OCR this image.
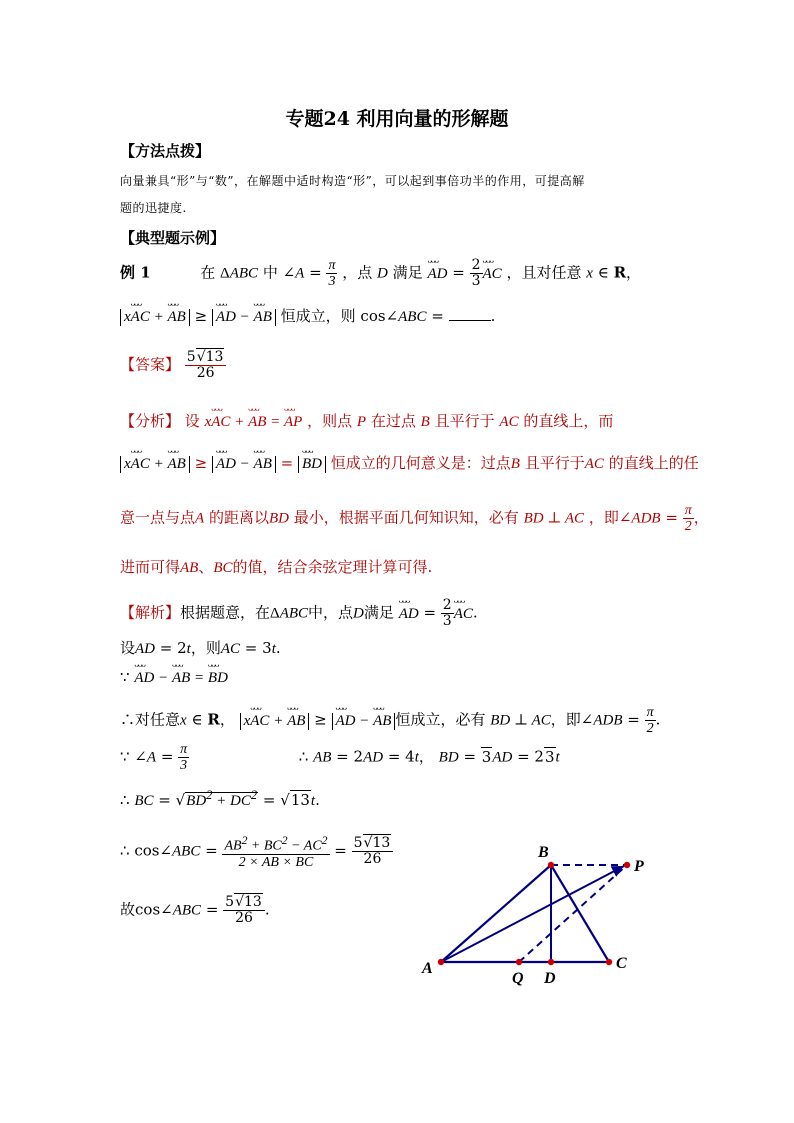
专题24 利用向量的形解题
【方法点拨】
向量兼具“形”与“数”，在解题中适时构造“形”，可以起到事倍功半的作用，可提高解
题的迅捷度.
【典型题示例】
例 1	在 ΔABC 中 ∠A = $\frac{\pi}{3}$ ，点 D 满足 ᴗᴗᴗ AD = $\frac{2}{3}$ ᴗᴗᴗ AC ，且对任意 x ∈ R，
xᴗᴗᴗ AC + ᴗᴗᴗ AB ≥ ᴗᴗᴗ AD − ᴗᴗᴗ AB 恒成立，则 cos∠ABC =	.
【答案】 $\frac{5√13}{26}$
【分析】 设 xᴗᴗᴗ AC + ᴗᴗᴗ AB = ᴗᴗᴗ AP ，则点 P 在过点 B 且平行于 AC 的直线上，而
xᴗᴗᴗ AC + ᴗᴗᴗ AB ≥ ᴗᴗᴗ AD − ᴗᴗᴗ AB = ᴗᴗᴗ BD 恒成立的几何意义是：过点B 且平行于AC 的直线上的任
意一点与点A 的距离以BD 最小，根据平面几何知识知，必有 BD ⊥ AC ，即∠ADB = $\frac{\pi}{2}$ ，
进而可得AB、BC的值，结合余弦定理计算可得.
【解析】根据题意，在ΔABC中，点D满足 ᴗᴗᴗ AD = $\frac{2}{3}$ ᴗᴗᴗ AC.
设AD = 2t，则AC = 3t.
∵ ᴗᴗᴗ AD − ᴗᴗᴗ AB = ᴗᴗᴗ BD
∴对任意x ∈ R， xᴗᴗᴗ AC + ᴗᴗᴗ AB ≥ ᴗᴗᴗ AD − ᴗᴗᴗ AB 恒成立，必有 BD ⊥ AC，即∠ADB = $\frac{\pi}{2}$ .
∵ ∠A = $\frac{\pi}{3}$	∴ AB = 2AD = 4t， BD = 3AD = 23t
∴ BC = $√BD^2 + DC^2 = √13t$.
∴ cos∠ABC = $\frac{AB^2 + BC^2 - AC^2}{2 \times AB \times BC} = \frac{5√13}{26}$
故cos∠ABC = $\frac{5√13}{26}$ .
B
P
A
Q D
C
